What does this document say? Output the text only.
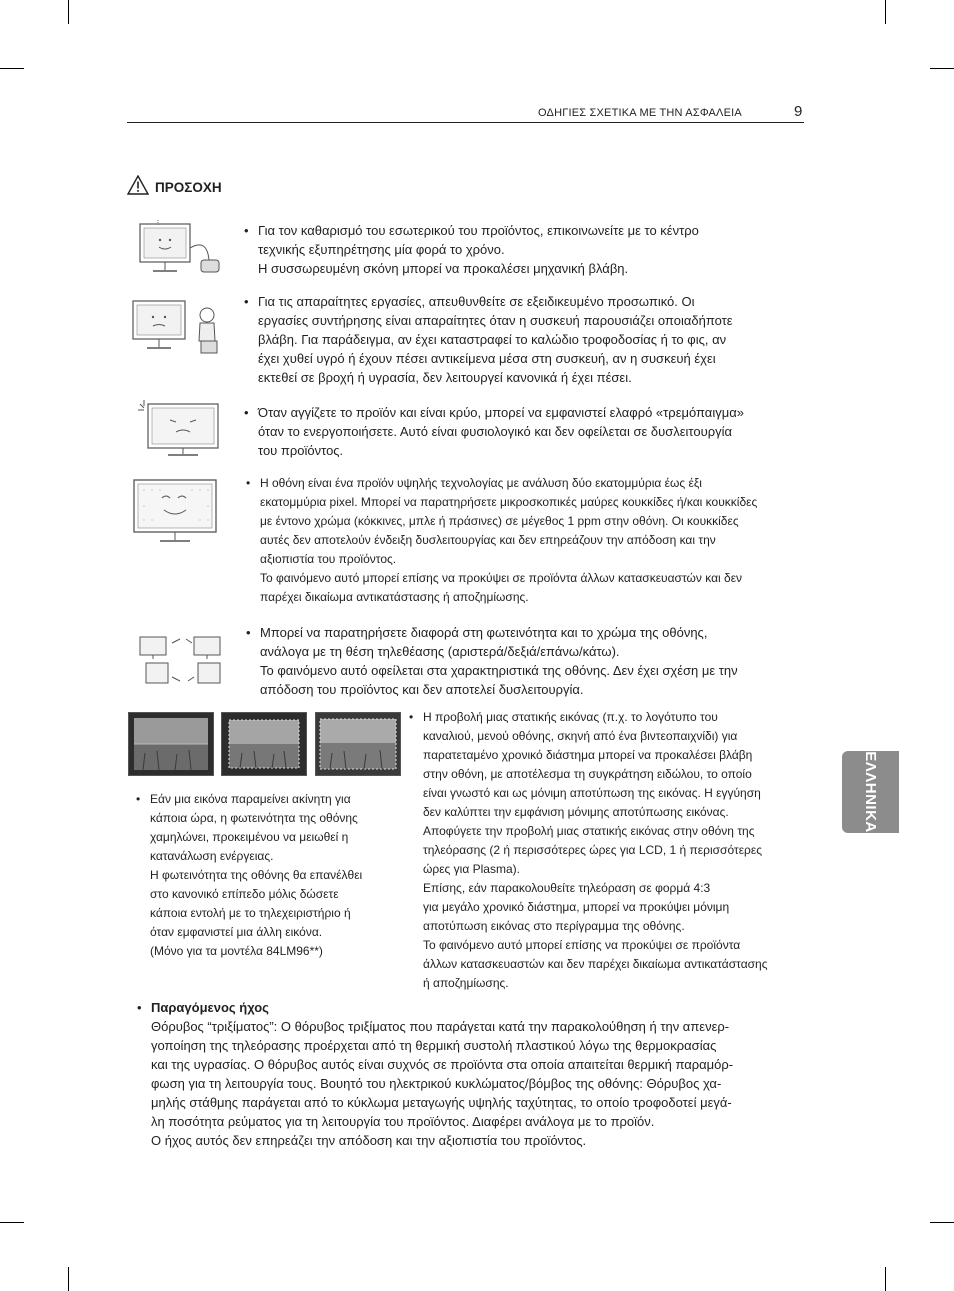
ΟΔΗΓΙΕΣ ΣΧΕΤΙΚΑ ΜΕ ΤΗΝ ΑΣΦΑΛΕΙΑ	9
ΠΡΟΣΟΧΗ
• Για τον καθαρισμό του εσωτερικού του προϊόντος, επικοινωνείτε με το κέντρο
τεχνικής εξυπηρέτησης μία φορά το χρόνο.
Η συσσωρευμένη σκόνη μπορεί να προκαλέσει μηχανική βλάβη.
• Για τις απαραίτητες εργασίες, απευθυνθείτε σε εξειδικευμένο προσωπικό. Οι
εργασίες συντήρησης είναι απαραίτητες όταν η συσκευή παρουσιάζει οποιαδήποτε
βλάβη. Για παράδειγμα, αν έχει καταστραφεί το καλώδιο τροφοδοσίας ή το φις, αν
έχει χυθεί υγρό ή έχουν πέσει αντικείμενα μέσα στη συσκευή, αν η συσκευή έχει
εκτεθεί σε βροχή ή υγρασία, δεν λειτουργεί κανονικά ή έχει πέσει.
• Όταν αγγίζετε το προϊόν και είναι κρύο, μπορεί να εμφανιστεί ελαφρό «τρεμόπαιγμα»
όταν το ενεργοποιήσετε. Αυτό είναι φυσιολογικό και δεν οφείλεται σε δυσλειτουργία
του προϊόντος.
• Η οθόνη είναι ένα προϊόν υψηλής τεχνολογίας με ανάλυση δύο εκατομμύρια έως έξι
εκατομμύρια pixel. Μπορεί να παρατηρήσετε μικροσκοπικές μαύρες κουκκίδες ή/και κουκκίδες
με έντονο χρώμα (κόκκινες, μπλε ή πράσινες) σε μέγεθος 1 ppm στην οθόνη. Οι κουκκίδες
αυτές δεν αποτελούν ένδειξη δυσλειτουργίας και δεν επηρεάζουν την απόδοση και την
αξιοπιστία του προϊόντος.
Το φαινόμενο αυτό μπορεί επίσης να προκύψει σε προϊόντα άλλων κατασκευαστών και δεν
παρέχει δικαίωμα αντικατάστασης ή αποζημίωσης.
• Μπορεί να παρατηρήσετε διαφορά στη φωτεινότητα και το χρώμα της οθόνης,
ανάλογα με τη θέση τηλεθέασης (αριστερά/δεξιά/επάνω/κάτω).
Το φαινόμενο αυτό οφείλεται στα χαρακτηριστικά της οθόνης. Δεν έχει σχέση με την
απόδοση του προϊόντος και δεν αποτελεί δυσλειτουργία.
• Εάν μια εικόνα παραμείνει ακίνητη για
κάποια ώρα, η φωτεινότητα της οθόνης
χαμηλώνει, προκειμένου να μειωθεί η
κατανάλωση ενέργειας.
Η φωτεινότητα της οθόνης θα επανέλθει
στο κανονικό επίπεδο μόλις δώσετε
κάποια εντολή με το τηλεχειριστήριο ή
όταν εμφανιστεί μια άλλη εικόνα.
(Μόνο για τα μοντέλα 84LM96**)
• Η προβολή μιας στατικής εικόνας (π.χ. το λογότυπο του
καναλιού, μενού οθόνης, σκηνή από ένα βιντεοπαιχνίδι) για
παρατεταμένο χρονικό διάστημα μπορεί να προκαλέσει βλάβη
στην οθόνη, με αποτέλεσμα τη συγκράτηση ειδώλου, το οποίο
είναι γνωστό και ως μόνιμη αποτύπωση της εικόνας. Η εγγύηση
δεν καλύπτει την εμφάνιση μόνιμης αποτύπωσης εικόνας.
Αποφύγετε την προβολή μιας στατικής εικόνας στην οθόνη της
τηλεόρασης (2 ή περισσότερες ώρες για LCD, 1 ή περισσότερες
ώρες για Plasma).
Επίσης, εάν παρακολουθείτε τηλεόραση σε φορμά 4:3
για μεγάλο χρονικό διάστημα, μπορεί να προκύψει μόνιμη
αποτύπωση εικόνας στο περίγραμμα της οθόνης.
Το φαινόμενο αυτό μπορεί επίσης να προκύψει σε προϊόντα
άλλων κατασκευαστών και δεν παρέχει δικαίωμα αντικατάστασης
ή αποζημίωσης.
• Παραγόμενος ήχος
Θόρυβος “τριξίματος”: Ο θόρυβος τριξίματος που παράγεται κατά την παρακολούθηση ή την απενερ-
γοποίηση της τηλεόρασης προέρχεται από τη θερμική συστολή πλαστικού λόγω της θερμοκρασίας
και της υγρασίας. Ο θόρυβος αυτός είναι συχνός σε προϊόντα στα οποία απαιτείται θερμική παραμόρ-
φωση για τη λειτουργία τους. Βουητό του ηλεκτρικού κυκλώματος/βόμβος της οθόνης: Θόρυβος χα-
μηλής στάθμης παράγεται από το κύκλωμα μεταγωγής υψηλής ταχύτητας, το οποίο τροφοδοτεί μεγά-
λη ποσότητα ρεύματος για τη λειτουργία του προϊόντος. Διαφέρει ανάλογα με το προϊόν.
Ο ήχος αυτός δεν επηρεάζει την απόδοση και την αξιοπιστία του προϊόντος.
ΕΛΛΗΝΙΚΑ
